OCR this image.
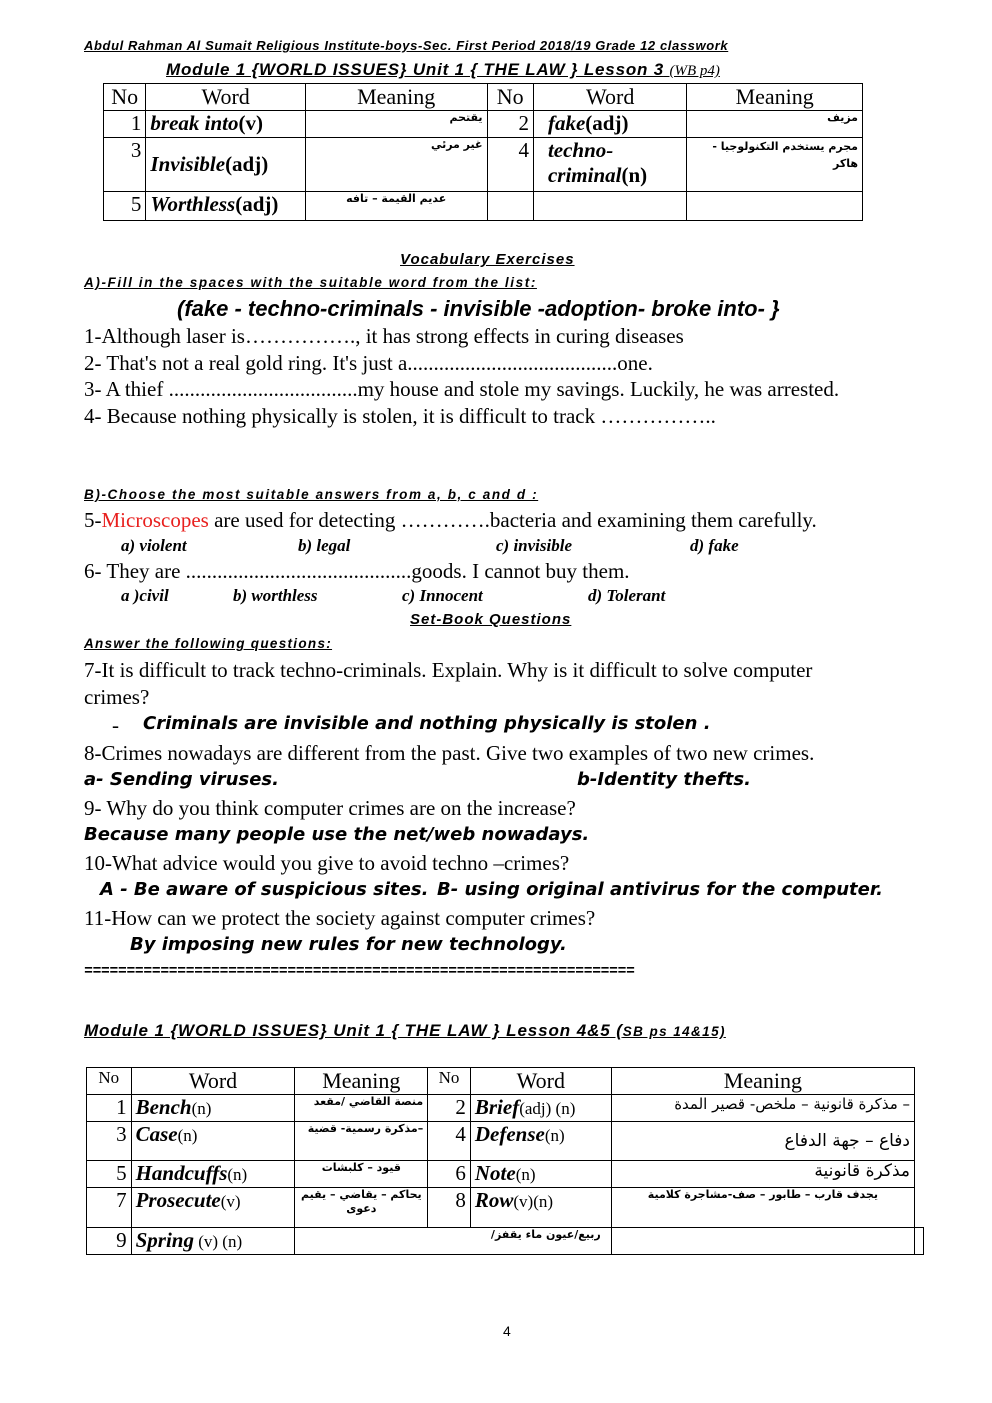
Abdul Rahman Al Sumait Religious Institute-boys-Sec. First Period 2018/19 Grade 12 classwork
Module 1 {WORLD ISSUES} Unit 1 { THE LAW } Lesson 3 (WB p4)
No	Word	Meaning	No	Word	Meaning
1	break into(v)	يقتحم	2	fake(adj)	مزيف
3	Invisible(adj)	غير مرئي	4	techno-criminal(n)	مجرم يستخدم التكنولوجيا - هاكر
5	Worthless(adj)	عديم القيمة – تافه			
Vocabulary Exercises
A)-Fill in the spaces with the suitable word from the list:
(fake - techno-criminals - invisible -adoption- broke into- }
1-Although laser is……………., it has strong effects in curing diseases
2- That's not a real gold ring. It's just a........................................one.
3- A thief ....................................my house and stole my savings. Luckily, he was arrested.
4- Because nothing physically is stolen, it is difficult to track ……………..
B)-Choose the most suitable answers from a, b, c and d :
5-Microscopes are used for detecting ………….bacteria and examining them carefully.
a) violent	b) legal	c) invisible	d) fake
6- They are ...........................................goods. I cannot buy them.
a )civil	b) worthless	c) Innocent	d) Tolerant
Set-Book Questions
Answer the following questions:
7-It is difficult to track techno-criminals. Explain. Why is it difficult to solve computer
crimes?
- Criminals are invisible and nothing physically is stolen .
8-Crimes nowadays are different from the past. Give two examples of two new crimes.
a- Sending viruses.	b-Identity thefts.
9- Why do you think computer crimes are on the increase?
Because many people use the net/web nowadays.
10-What advice would you give to avoid techno –crimes?
A - Be aware of suspicious sites. B- using original antivirus for the computer.
11-How can we protect the society against computer crimes?
By imposing new rules for new technology.
=================================================================
Module 1 {WORLD ISSUES} Unit 1 { THE LAW } Lesson 4&5 (SB ps 14&15)
No	Word	Meaning	No	Word	Meaning	
1	Bench(n)	منصة القاضي /مقعد	2	Brief(adj) (n)	– مذكرة قانونية – ملخص- قصير المدة	
3	Case(n)	–مذكرة رسمية- قضية	4	Defense(n)	دفاع – جهة الدفاع	
5	Handcuffs(n)	قيود – كلبشات	6	Note(n)	مذكرة قانونية	
7	Prosecute(v)	يحاكم – يقاضي – يقيم دعوى	8	Row(v)(n)	يجدف قارب – طابور – صف-مشاجرة كلامية	
9	Spring (v) (n)	ربيع/عيون ماء يقفز/				
4
